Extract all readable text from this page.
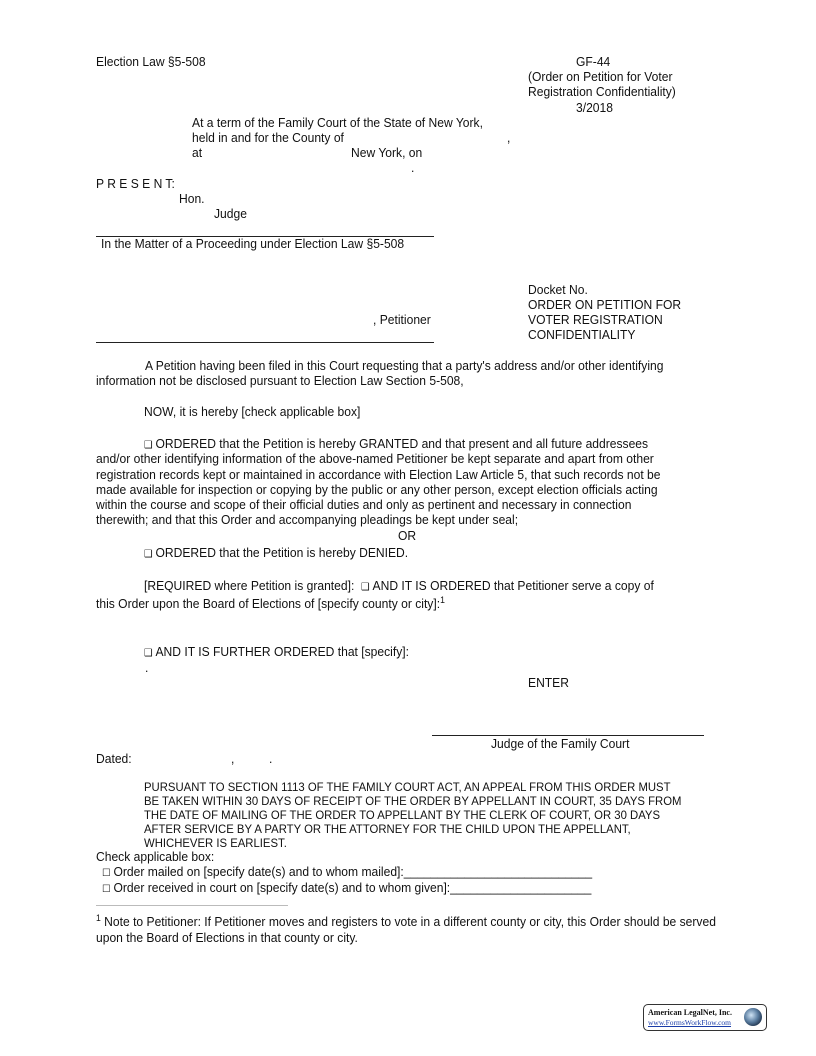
Election Law §5-508	GF-44
(Order on Petition for Voter
Registration Confidentiality)
3/2018
At a term of the Family Court of the State of New York,
held in and for the County of	,
at	New York, on
.
P R E S E N T:
Hon.
Judge
In the Matter of a Proceeding under Election Law §5-508
, Petitioner
Docket No.
ORDER ON PETITION FOR
VOTER REGISTRATION
CONFIDENTIALITY
A Petition having been filed in this Court requesting that a party's address and/or other identifying
information not be disclosed pursuant to Election Law Section 5-508,
NOW, it is hereby [check applicable box]
❑ ORDERED that the Petition is hereby GRANTED and that present and all future addressees
and/or other identifying information of the above-named Petitioner be kept separate and apart from other
registration records kept or maintained in accordance with Election Law Article 5, that such records not be
made available for inspection or copying by the public or any other person, except election officials acting
within the course and scope of their official duties and only as pertinent and necessary in connection
therewith; and that this Order and accompanying pleadings be kept under seal;
OR
❑ ORDERED that the Petition is hereby DENIED.
[REQUIRED where Petition is granted]: ❑ AND IT IS ORDERED that Petitioner serve a copy of
this Order upon the Board of Elections of [specify county or city]:$^1$
❑ AND IT IS FURTHER ORDERED that [specify]:
.
ENTER
Judge of the Family Court
Dated:	,	.
PURSUANT TO SECTION 1113 OF THE FAMILY COURT ACT, AN APPEAL FROM THIS ORDER MUST
BE TAKEN WITHIN 30 DAYS OF RECEIPT OF THE ORDER BY APPELLANT IN COURT, 35 DAYS FROM
THE DATE OF MAILING OF THE ORDER TO APPELLANT BY THE CLERK OF COURT, OR 30 DAYS
AFTER SERVICE BY A PARTY OR THE ATTORNEY FOR THE CHILD UPON THE APPELLANT,
WHICHEVER IS EARLIEST.
Check applicable box:
☐ Order mailed on [specify date(s) and to whom mailed]:____________________________
☐ Order received in court on [specify date(s) and to whom given]:_____________________
$^1$ Note to Petitioner: If Petitioner moves and registers to vote in a different county or city, this Order should be served
upon the Board of Elections in that county or city.
American LegalNet, Inc.
www.FormsWorkFlow.com
